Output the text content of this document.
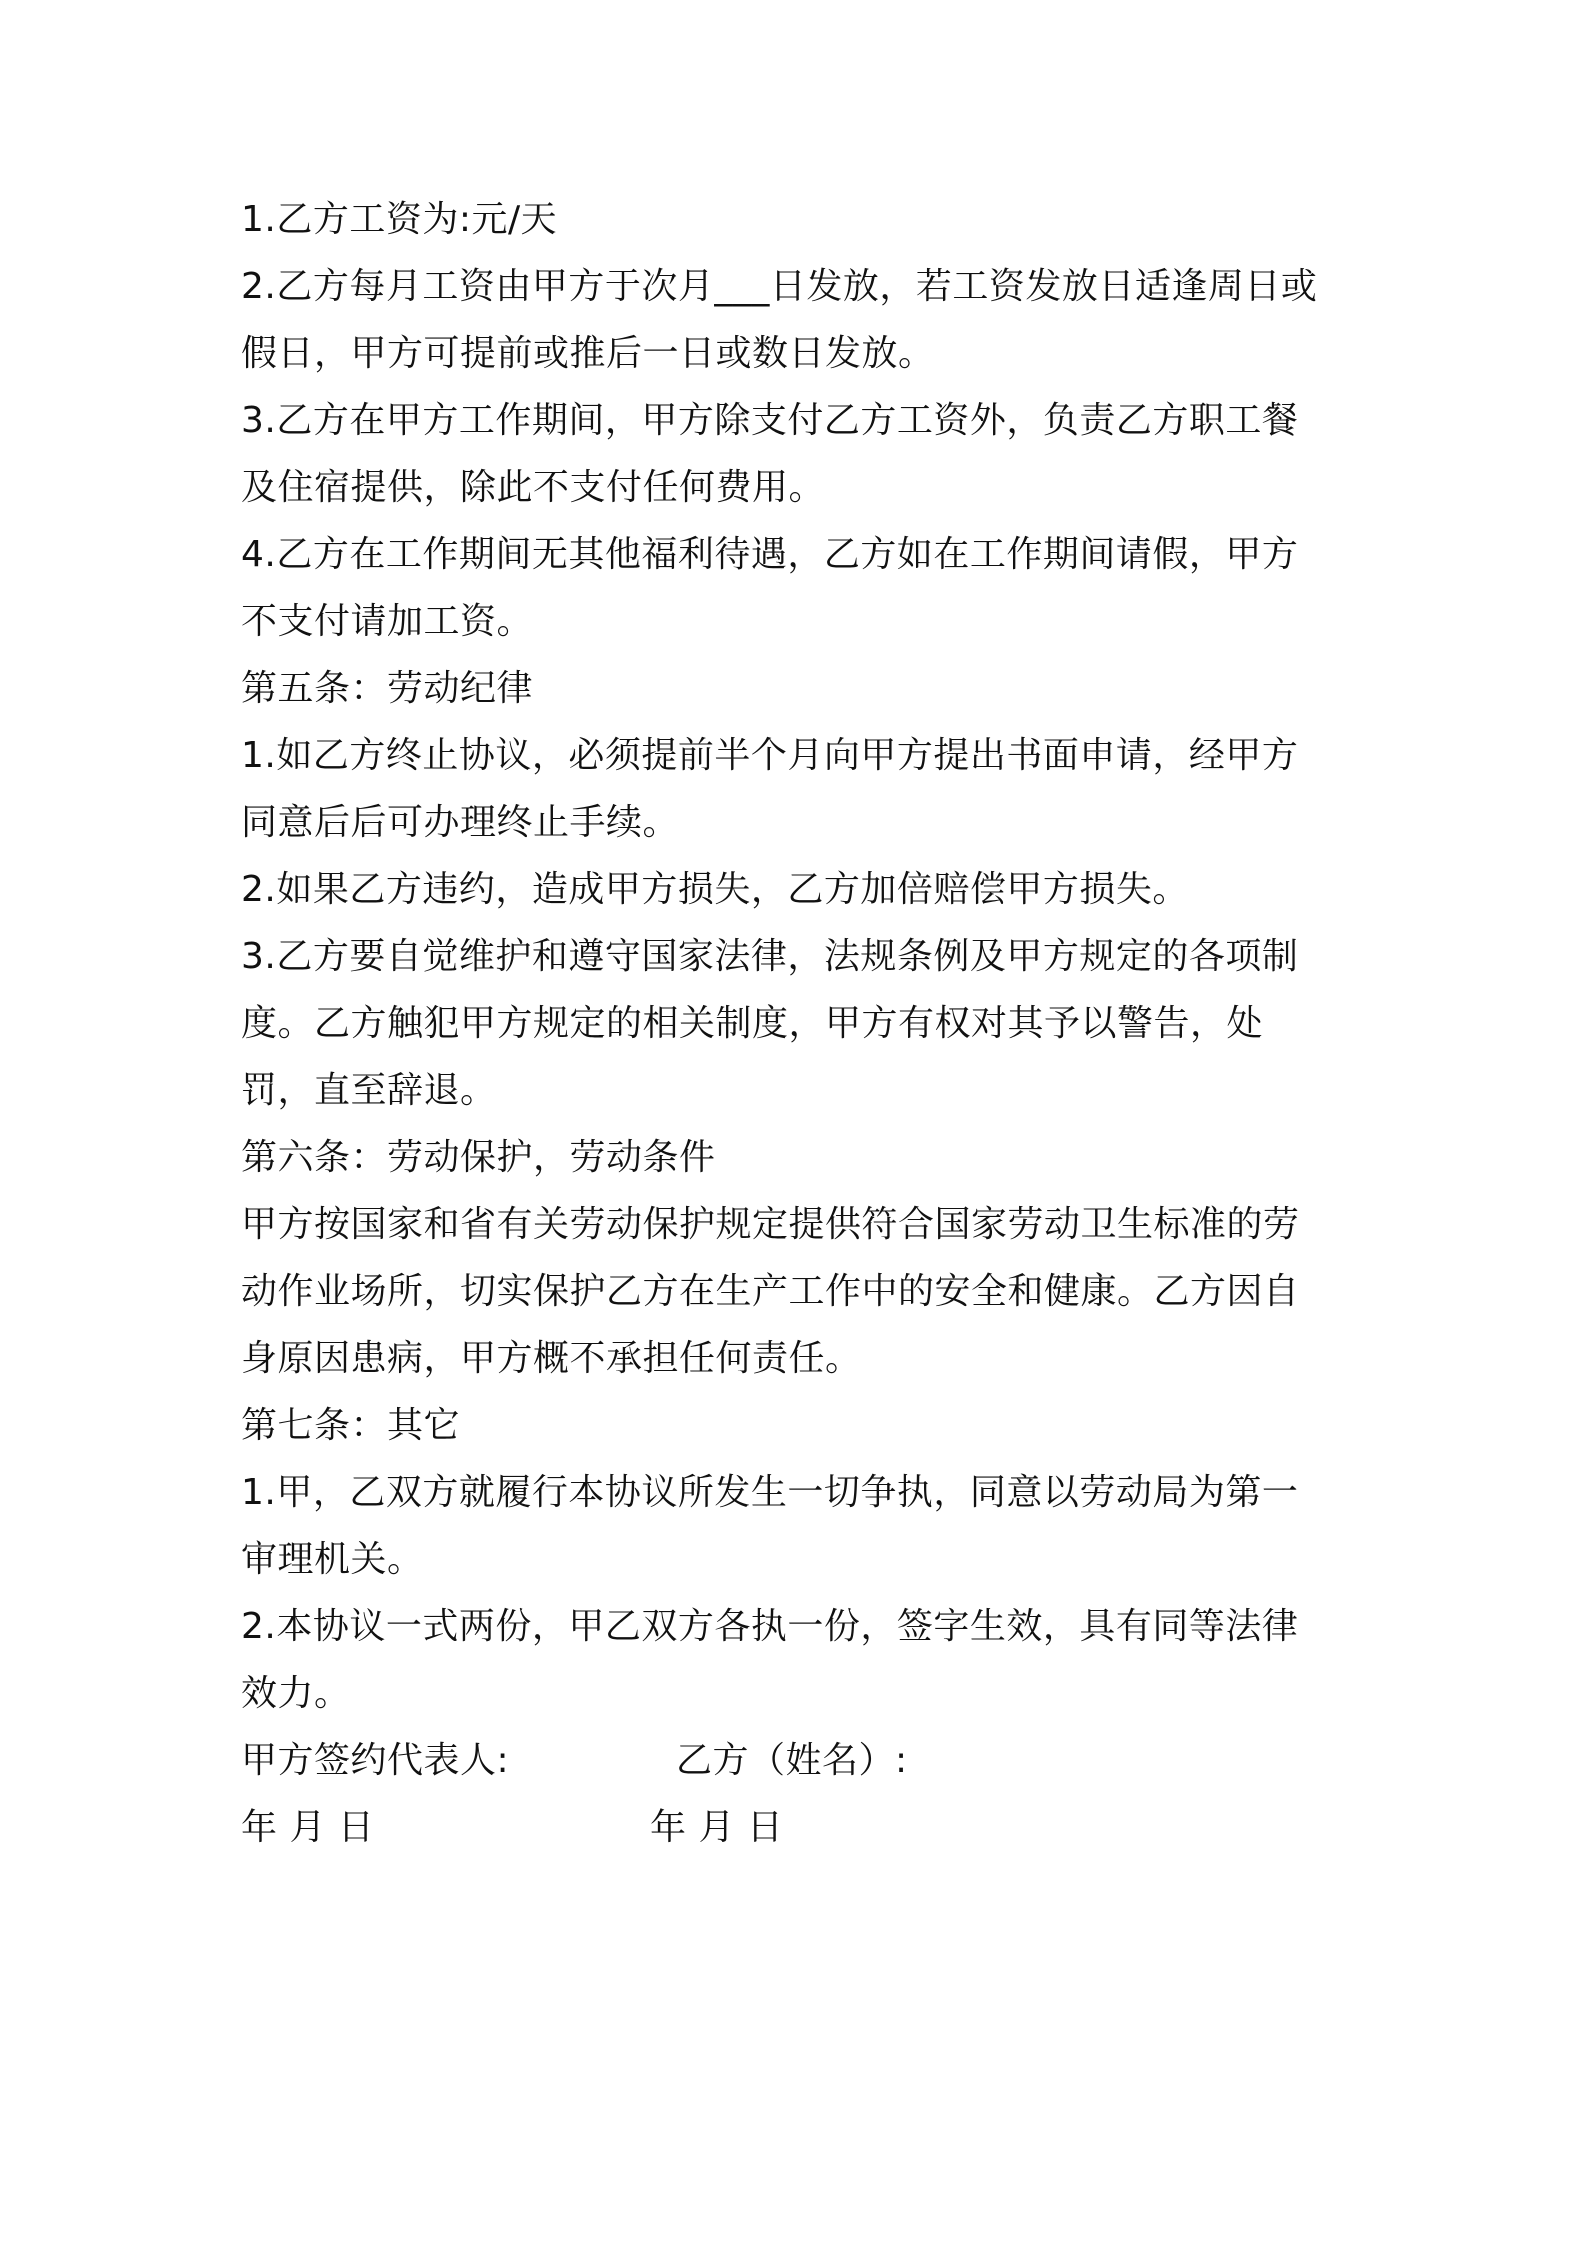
1.乙方工资为:元/天
2.乙方每月工资由甲方于次月___日发放，若工资发放日适逢周日或
假日，甲方可提前或推后一日或数日发放。
3.乙方在甲方工作期间，甲方除支付乙方工资外，负责乙方职工餐
及住宿提供，除此不支付任何费用。
4.乙方在工作期间无其他福利待遇，乙方如在工作期间请假，甲方
不支付请加工资。
第五条：劳动纪律
1.如乙方终止协议，必须提前半个月向甲方提出书面申请，经甲方
同意后后可办理终止手续。
2.如果乙方违约，造成甲方损失，乙方加倍赔偿甲方损失。
3.乙方要自觉维护和遵守国家法律，法规条例及甲方规定的各项制
度。乙方触犯甲方规定的相关制度，甲方有权对其予以警告，处
罚，直至辞退。
第六条：劳动保护，劳动条件
甲方按国家和省有关劳动保护规定提供符合国家劳动卫生标准的劳
动作业场所，切实保护乙方在生产工作中的安全和健康。乙方因自
身原因患病，甲方概不承担任何责任。
第七条：其它
1.甲，乙双方就履行本协议所发生一切争执，同意以劳动局为第一
审理机关。
2.本协议一式两份，甲乙双方各执一份，签字生效，具有同等法律
效力。
甲方签约代表人:	乙方（姓名）:
年 月 日	年 月 日
